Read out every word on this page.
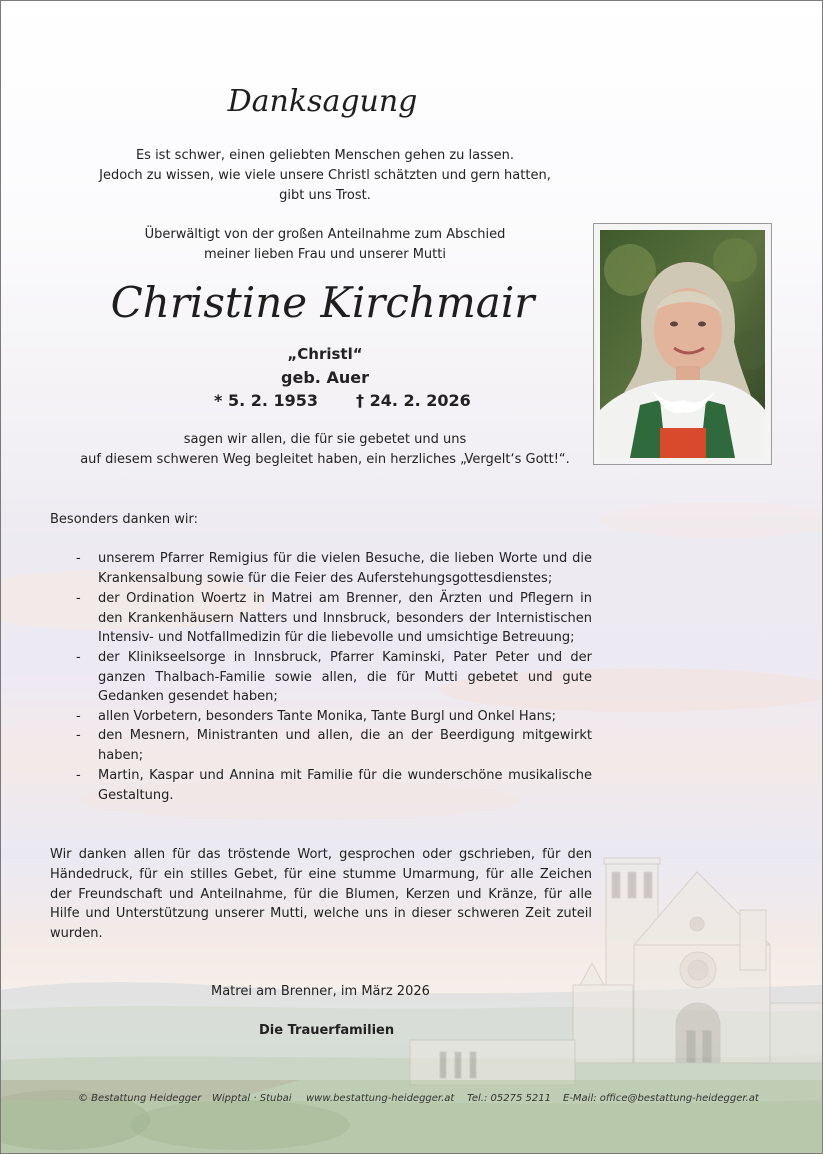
Danksagung
Es ist schwer, einen geliebten Menschen gehen zu lassen.
Jedoch zu wissen, wie viele unsere Christl schätzten und gern hatten,
gibt uns Trost.
Überwältigt von der großen Anteilnahme zum Abschied
meiner lieben Frau und unserer Mutti
Christine Kirchmair
„Christl“
geb. Auer
* 5. 2. 1953 † 24. 2. 2026
sagen wir allen, die für sie gebetet und uns
auf diesem schweren Weg begleitet haben, ein herzliches „Vergelt‘s Gott!“.
Besonders danken wir:
- unserem Pfarrer Remigius für die vielen Besuche, die lieben Worte und die Krankensalbung sowie für die Feier des Auferstehungsgottesdienstes;
- der Ordination Woertz in Matrei am Brenner, den Ärzten und Pflegern in den Krankenhäusern Natters und Innsbruck, besonders der Internistischen Intensiv- und Notfallmedizin für die liebevolle und umsichtige Betreuung;
- der Klinikseelsorge in Innsbruck, Pfarrer Kaminski, Pater Peter und der ganzen Thalbach-Familie sowie allen, die für Mutti gebetet und gute Gedanken gesendet haben;
- allen Vorbetern, besonders Tante Monika, Tante Burgl und Onkel Hans;
- den Mesnern, Ministranten und allen, die an der Beerdigung mitgewirkt haben;
- Martin, Kaspar und Annina mit Familie für die wunderschöne musikalische Gestaltung.
Wir danken allen für das tröstende Wort, gesprochen oder gschrieben, für den Händedruck, für ein stilles Gebet, für eine stumme Umarmung, für alle Zeichen der Freundschaft und Anteilnahme, für die Blumen, Kerzen und Kränze, für alle Hilfe und Unterstützung unserer Mutti, welche uns in dieser schweren Zeit zuteil wurden.
Matrei am Brenner, im März 2026
Die Trauerfamilien
© Bestattung Heidegger Wipptal · Stubai www.bestattung-heidegger.at Tel.: 05275 5211 E-Mail: office@bestattung-heidegger.at
